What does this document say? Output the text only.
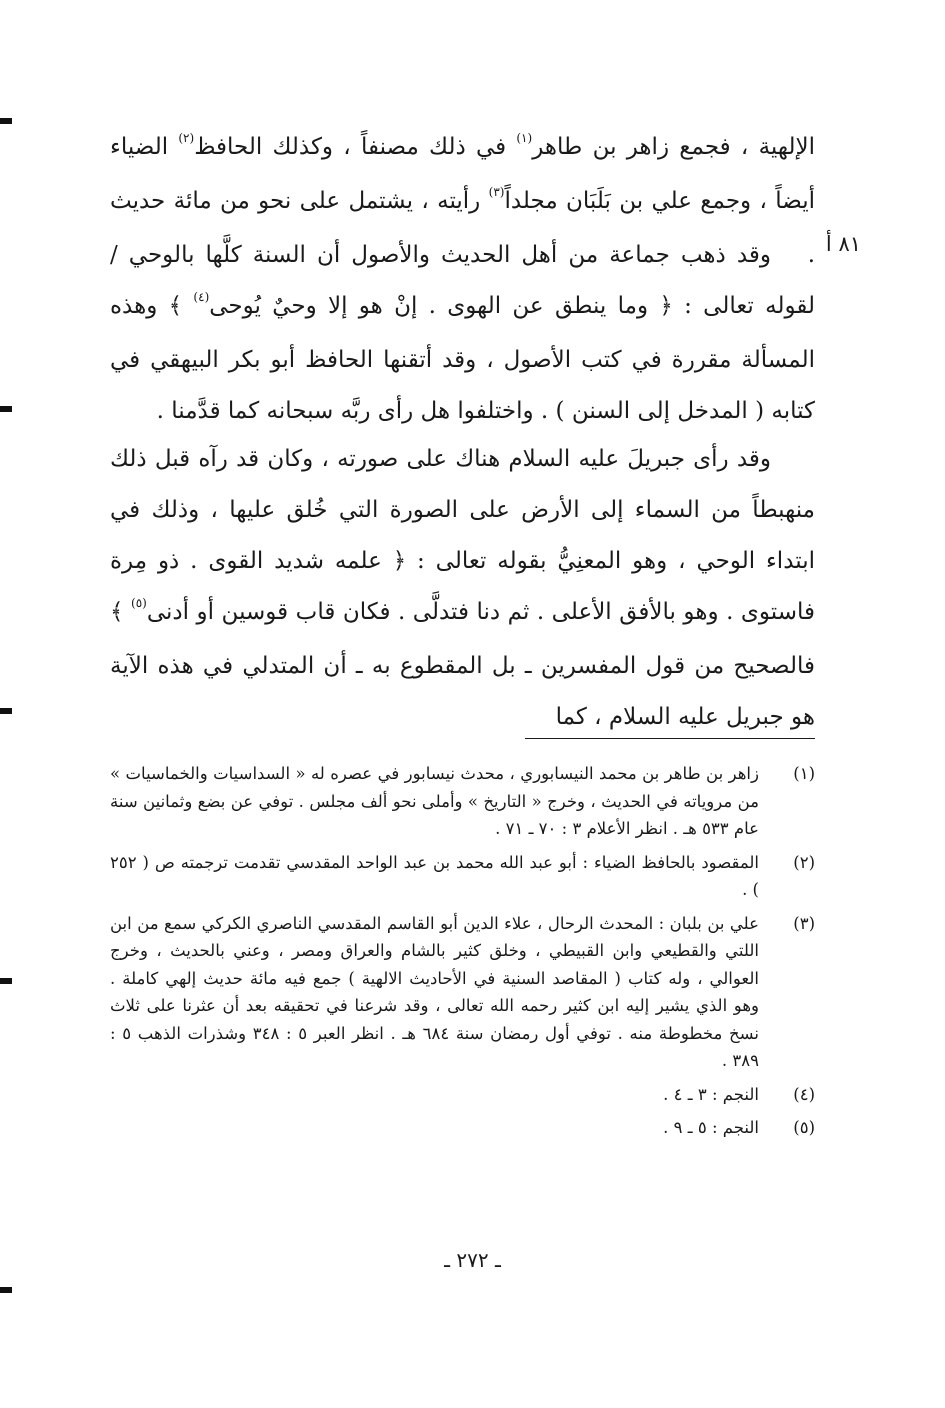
الإلهية ، فجمع زاهر بن طاهر$^{(١)}$ في ذلك مصنفاً ، وكذلك الحافظ$^{(٢)}$ الضياء أيضاً ، وجمع علي بن بَلَبَان مجلداً$^{(٣)}$ رأيته ، يشتمل على نحو من مائة حديث . ٨١ أ

وقد ذهب جماعة من أهل الحديث والأصول أن السنة كلَّها بالوحي / لقوله تعالى : ﴿ وما ينطق عن الهوى . إنْ هو إلا وحيٌ يُوحى$^{(٤)}$ ﴾ وهذه المسألة مقررة في كتب الأصول ، وقد أتقنها الحافظ أبو بكر البيهقي في كتابه ( المدخل إلى السنن ) . واختلفوا هل رأى ربَّه سبحانه كما قدَّمنا .

وقد رأى جبريلَ عليه السلام هناك على صورته ، وكان قد رآه قبل ذلك منهبطاً من السماء إلى الأرض على الصورة التي خُلق عليها ، وذلك في ابتداء الوحي ، وهو المعنِيُّ بقوله تعالى : ﴿ علمه شديد القوى . ذو مِرة فاستوى . وهو بالأفق الأعلى . ثم دنا فتدلَّى . فكان قاب قوسين أو أدنى$^{(٥)}$ ﴾ فالصحيح من قول المفسرين ـ بل المقطوع به ـ أن المتدلي في هذه الآية هو جبريل عليه السلام ، كما

(١)
زاهر بن طاهر بن محمد النيسابوري ، محدث نيسابور في عصره له « السداسيات والخماسيات » من مروياته في الحديث ، وخرج « التاريخ » وأملى نحو ألف مجلس . توفي عن بضع وثمانين سنة عام ٥٣٣ هـ . انظر الأعلام ٣ : ٧٠ ـ ٧١ .
(٢)
المقصود بالحافظ الضياء : أبو عبد الله محمد بن عبد الواحد المقدسي تقدمت ترجمته ص ( ٢٥٢ ) .
(٣)
علي بن بلبان : المحدث الرحال ، علاء الدين أبو القاسم المقدسي الناصري الكركي سمع من ابن اللتي والقطيعي وابن القبيطي ، وخلق كثير بالشام والعراق ومصر ، وعني بالحديث ، وخرج العوالي ، وله كتاب ( المقاصد السنية في الأحاديث الالهية ) جمع فيه مائة حديث إلهي كاملة . وهو الذي يشير إليه ابن كثير رحمه الله تعالى ، وقد شرعنا في تحقيقه بعد أن عثرنا على ثلاث نسخ مخطوطة منه . توفي أول رمضان سنة ٦٨٤ هـ . انظر العبر ٥ : ٣٤٨ وشذرات الذهب ٥ : ٣٨٩ .
(٤)
النجم : ٣ ـ ٤ .
(٥)
النجم : ٥ ـ ٩ .
ـ ٢٧٢ ـ
